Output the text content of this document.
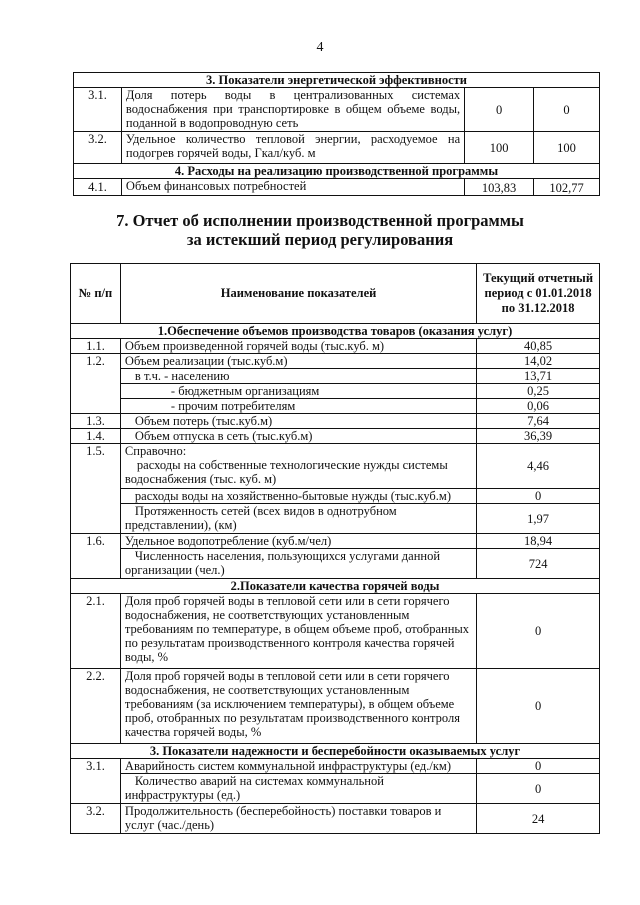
4
3. Показатели энергетической эффективности			
3.1.	Доля потерь воды в централизованных системах водоснабжения при транспортировке в общем объеме воды, поданной в водопроводную сеть	0	0
3.2.	Удельное количество тепловой энергии, расходуемое на подогрев горячей воды, Гкал/куб. м	100	100
4. Расходы на реализацию производственной программы			
4.1.	Объем финансовых потребностей	103,83	102,77
7. Отчет об исполнении производственной программы
за истекший период регулирования
№ п/п	Наименование показателей	Текущий отчетный период с 01.01.2018 по 31.12.2018
1.Обеспечение объемов производства товаров (оказания услуг)		
1.1.	Объем произведенной горячей воды (тыс.куб. м)	40,85
1.2.	Объем реализации (тыс.куб.м)	14,02
	в т.ч. - населению	13,71
	- бюджетным организациям	0,25
	- прочим потребителям	0,06
1.3.	Объем потерь (тыс.куб.м)	7,64
1.4.	Объем отпуска в сеть (тыс.куб.м)	36,39
1.5.	Справочно:
расходы на собственные технологические нужды системы водоснабжения (тыс. куб. м)	4,46
	расходы воды на хозяйственно-бытовые нужды (тыс.куб.м)	0
	Протяженность сетей (всех видов в однотрубном представлении), (км)	1,97
1.6.	Удельное водопотребление (куб.м/чел)	18,94
	Численность населения, пользующихся услугами данной организации (чел.)	724
2.Показатели качества горячей воды		
2.1.	Доля проб горячей воды в тепловой сети или в сети горячего водоснабжения, не соответствующих установленным требованиям по температуре, в общем объеме проб, отобранных по результатам производственного контроля качества горячей воды, %	0
2.2.	Доля проб горячей воды в тепловой сети или в сети горячего водоснабжения, не соответствующих установленным требованиям (за исключением температуры), в общем объеме проб, отобранных по результатам производственного контроля качества горячей воды, %	0
3. Показатели надежности и бесперебойности оказываемых услуг		
3.1.	Аварийность систем коммунальной инфраструктуры (ед./км)	0
	Количество аварий на системах коммунальной инфраструктуры (ед.)	0
3.2.	Продолжительность (бесперебойность) поставки товаров и услуг (час./день)	24
